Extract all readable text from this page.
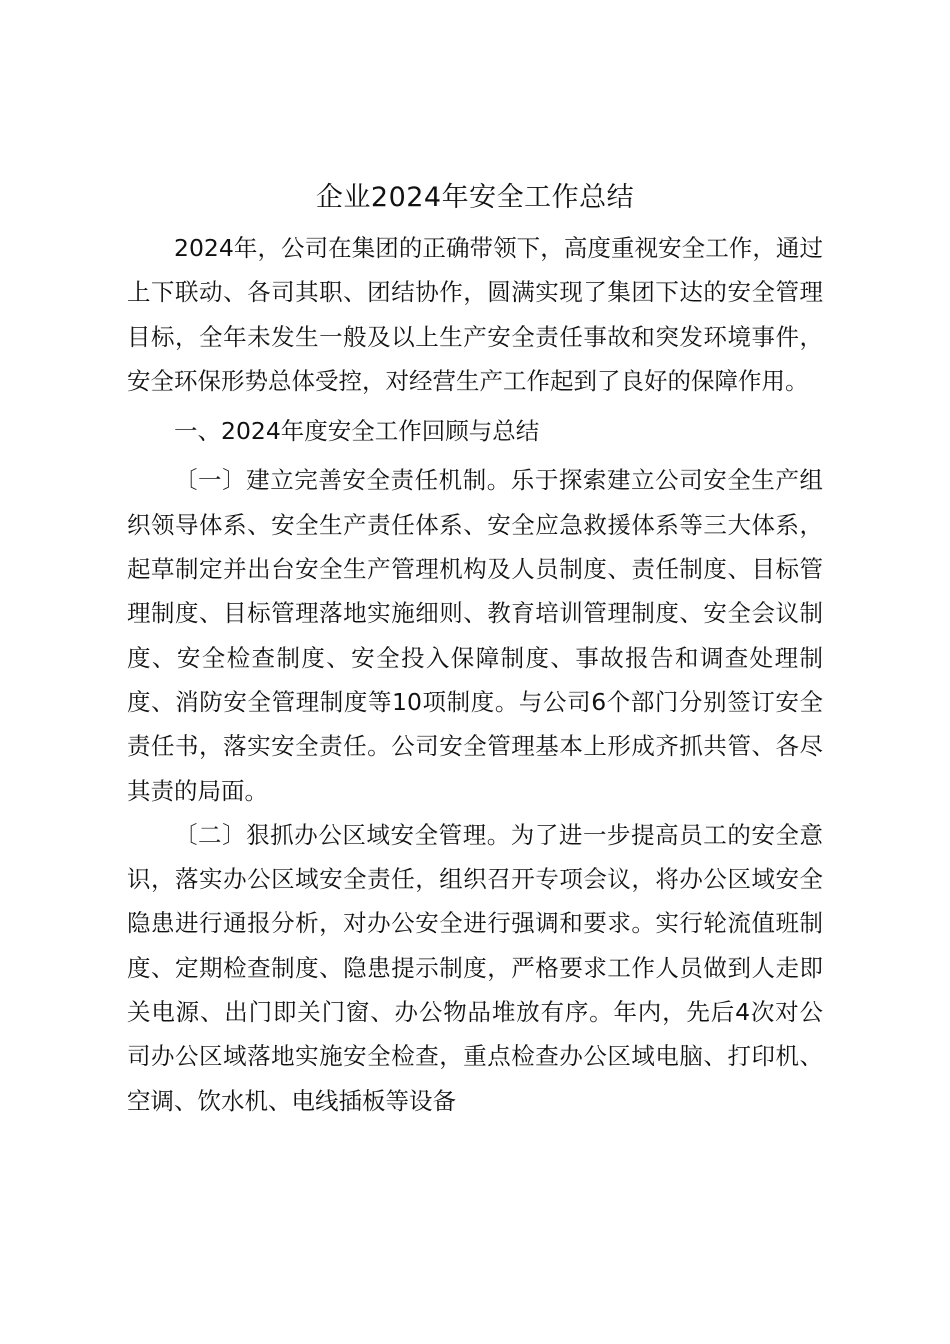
企业2024年安全工作总结

2024年，公司在集团的正确带领下，高度重视安全工作，通过上下联动、各司其职、团结协作，圆满实现了集团下达的安全管理目标，全年未发生一般及以上生产安全责任事故和突发环境事件，安全环保形势总体受控，对经营生产工作起到了良好的保障作用。

一、2024年度安全工作回顾与总结

〔一〕建立完善安全责任机制。乐于探索建立公司安全生产组织领导体系、安全生产责任体系、安全应急救援体系等三大体系，起草制定并出台安全生产管理机构及人员制度、责任制度、目标管理制度、目标管理落地实施细则、教育培训管理制度、安全会议制度、安全检查制度、安全投入保障制度、事故报告和调查处理制度、消防安全管理制度等10项制度。与公司6个部门分别签订安全责任书，落实安全责任。公司安全管理基本上形成齐抓共管、各尽其责的局面。

〔二〕狠抓办公区域安全管理。为了进一步提高员工的安全意识，落实办公区域安全责任，组织召开专项会议，将办公区域安全隐患进行通报分析，对办公安全进行强调和要求。实行轮流值班制度、定期检查制度、隐患提示制度，严格要求工作人员做到人走即关电源、出门即关门窗、办公物品堆放有序。年内，先后4次对公司办公区域落地实施安全检查，重点检查办公区域电脑、打印机、空调、饮水机、电线插板等设备
